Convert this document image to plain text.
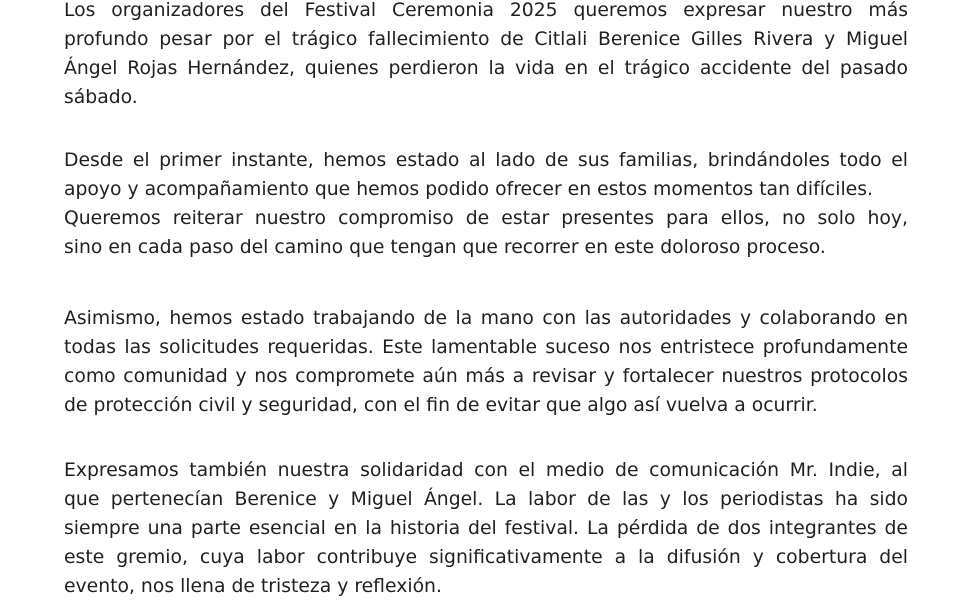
Los organizadores del Festival Ceremonia 2025 queremos expresar nuestro más
profundo pesar por el trágico fallecimiento de Citlali Berenice Gilles Rivera y Miguel
Ángel Rojas Hernández, quienes perdieron la vida en el trágico accidente del pasado
sábado.
Desde el primer instante, hemos estado al lado de sus familias, brindándoles todo el
apoyo y acompañamiento que hemos podido ofrecer en estos momentos tan difíciles.
Queremos reiterar nuestro compromiso de estar presentes para ellos, no solo hoy,
sino en cada paso del camino que tengan que recorrer en este doloroso proceso.
Asimismo, hemos estado trabajando de la mano con las autoridades y colaborando en
todas las solicitudes requeridas. Este lamentable suceso nos entristece profundamente
como comunidad y nos compromete aún más a revisar y fortalecer nuestros protocolos
de protección civil y seguridad, con el fin de evitar que algo así vuelva a ocurrir.
Expresamos también nuestra solidaridad con el medio de comunicación Mr. Indie, al
que pertenecían Berenice y Miguel Ángel. La labor de las y los periodistas ha sido
siempre una parte esencial en la historia del festival. La pérdida de dos integrantes de
este gremio, cuya labor contribuye significativamente a la difusión y cobertura del
evento, nos llena de tristeza y reflexión.
